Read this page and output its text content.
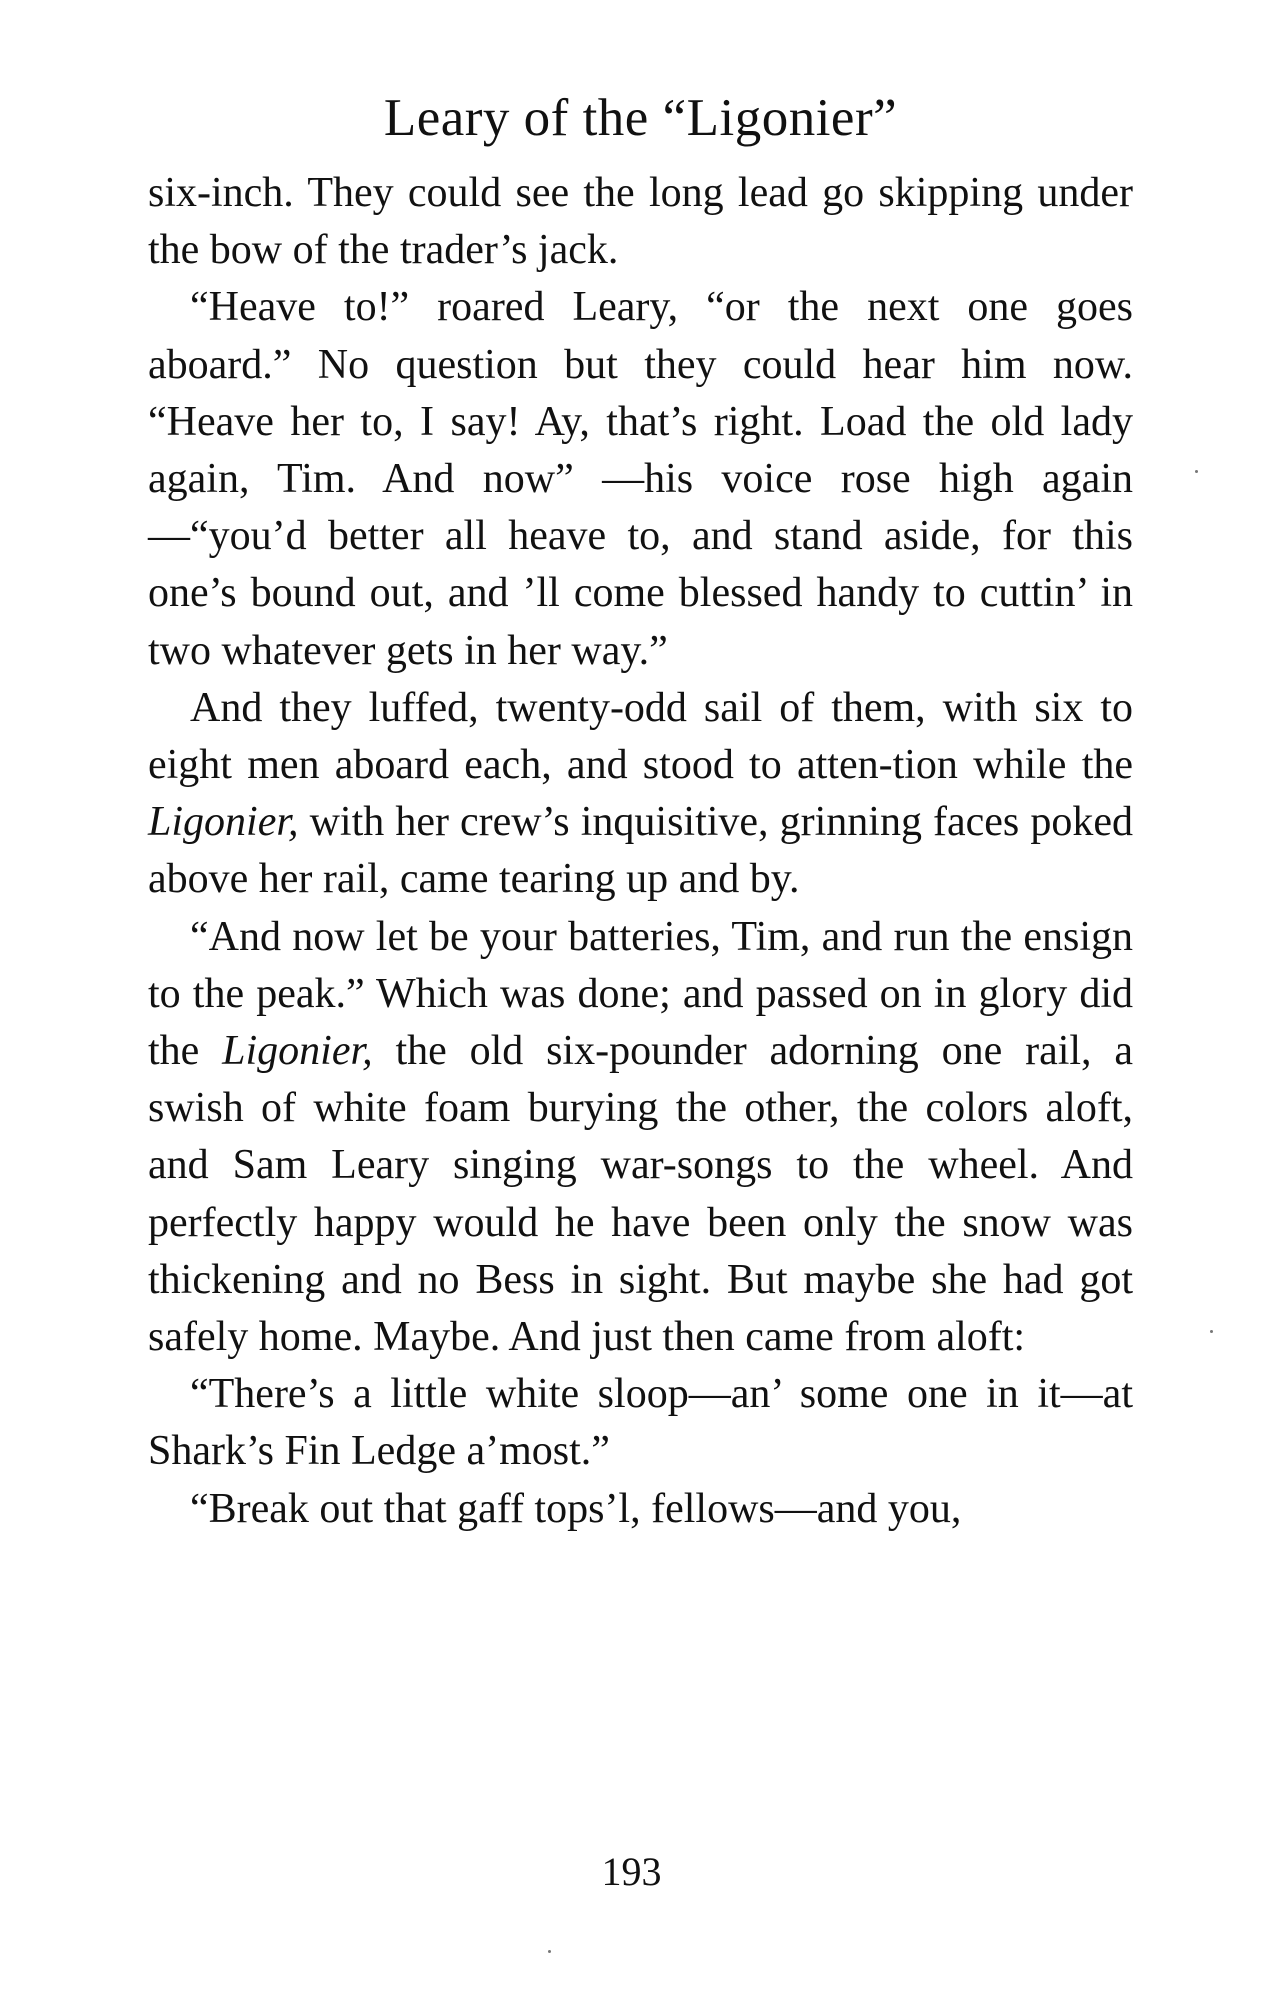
Leary of the “Ligonier”

six-inch. They could see the long lead go skipping under the bow of the trader’s jack.

“Heave to!” roared Leary, “or the next one goes aboard.” No question but they could hear him now. “Heave her to, I say! Ay, that’s right. Load the old lady again, Tim. And now” —his voice rose high again—“you’d better all heave to, and stand aside, for this one’s bound out, and ’ll come blessed handy to cuttin’ in two whatever gets in her way.”

And they luffed, twenty-odd sail of them, with six to eight men aboard each, and stood to atten-tion while the Ligonier, with her crew’s inquisitive, grinning faces poked above her rail, came tearing up and by.

“And now let be your batteries, Tim, and run the ensign to the peak.” Which was done; and passed on in glory did the Ligonier, the old six-pounder adorning one rail, a swish of white foam burying the other, the colors aloft, and Sam Leary singing war-songs to the wheel. And perfectly happy would he have been only the snow was thickening and no Bess in sight. But maybe she had got safely home. Maybe. And just then came from aloft:

“There’s a little white sloop—an’ some one in it—at Shark’s Fin Ledge a’most.”

“Break out that gaff tops’l, fellows—and you,

193
